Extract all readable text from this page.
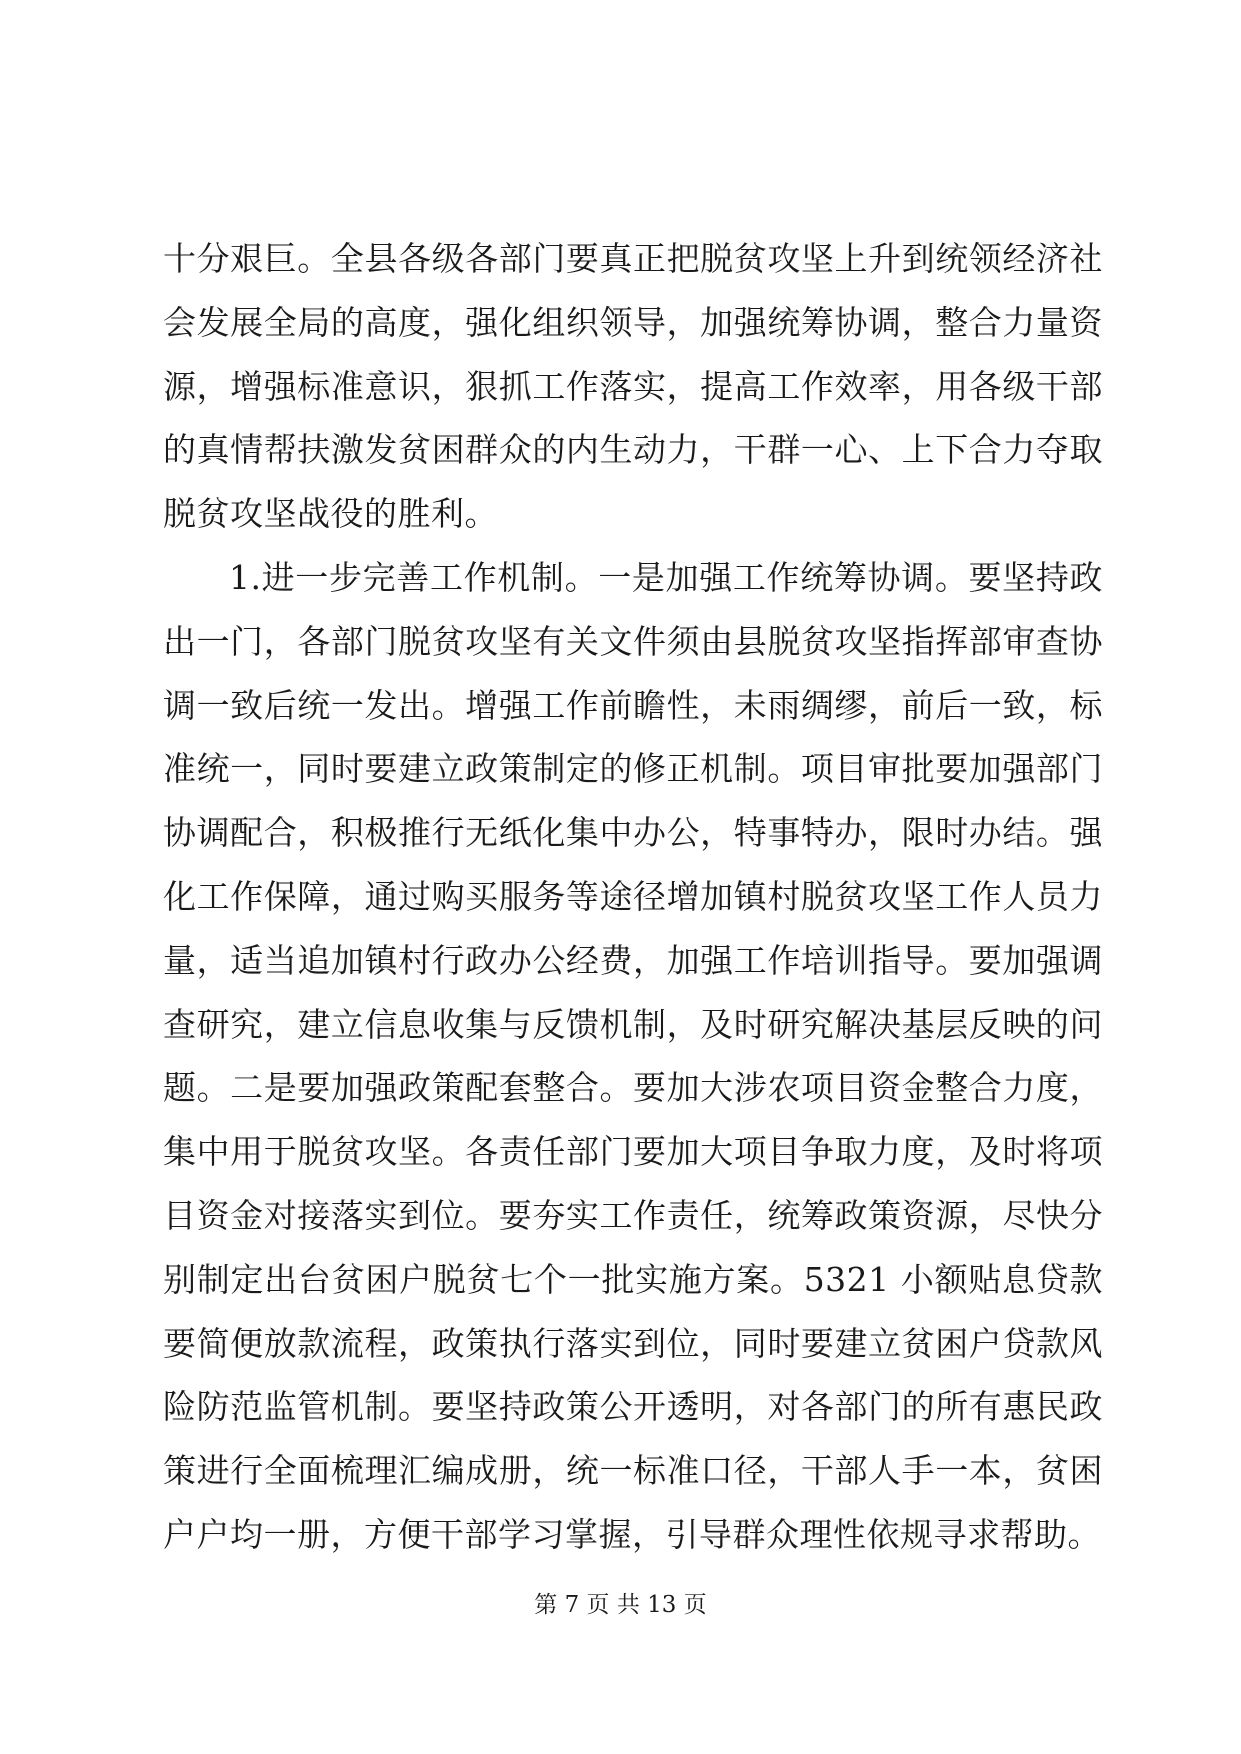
十分艰巨。全县各级各部门要真正把脱贫攻坚上升到统领经济社
会发展全局的高度，强化组织领导，加强统筹协调，整合力量资
源，增强标准意识，狠抓工作落实，提高工作效率，用各级干部
的真情帮扶激发贫困群众的内生动力，干群一心、上下合力夺取
脱贫攻坚战役的胜利。
1.进一步完善工作机制。一是加强工作统筹协调。要坚持政
出一门，各部门脱贫攻坚有关文件须由县脱贫攻坚指挥部审查协
调一致后统一发出。增强工作前瞻性，未雨绸缪，前后一致，标
准统一，同时要建立政策制定的修正机制。项目审批要加强部门
协调配合，积极推行无纸化集中办公，特事特办，限时办结。强
化工作保障，通过购买服务等途径增加镇村脱贫攻坚工作人员力
量，适当追加镇村行政办公经费，加强工作培训指导。要加强调
查研究，建立信息收集与反馈机制，及时研究解决基层反映的问
题。二是要加强政策配套整合。要加大涉农项目资金整合力度，
集中用于脱贫攻坚。各责任部门要加大项目争取力度，及时将项
目资金对接落实到位。要夯实工作责任，统筹政策资源，尽快分
别制定出台贫困户脱贫七个一批实施方案。5321 小额贴息贷款
要简便放款流程，政策执行落实到位，同时要建立贫困户贷款风
险防范监管机制。要坚持政策公开透明，对各部门的所有惠民政
策进行全面梳理汇编成册，统一标准口径，干部人手一本，贫困
户户均一册，方便干部学习掌握，引导群众理性依规寻求帮助。
第 7 页 共 13 页
